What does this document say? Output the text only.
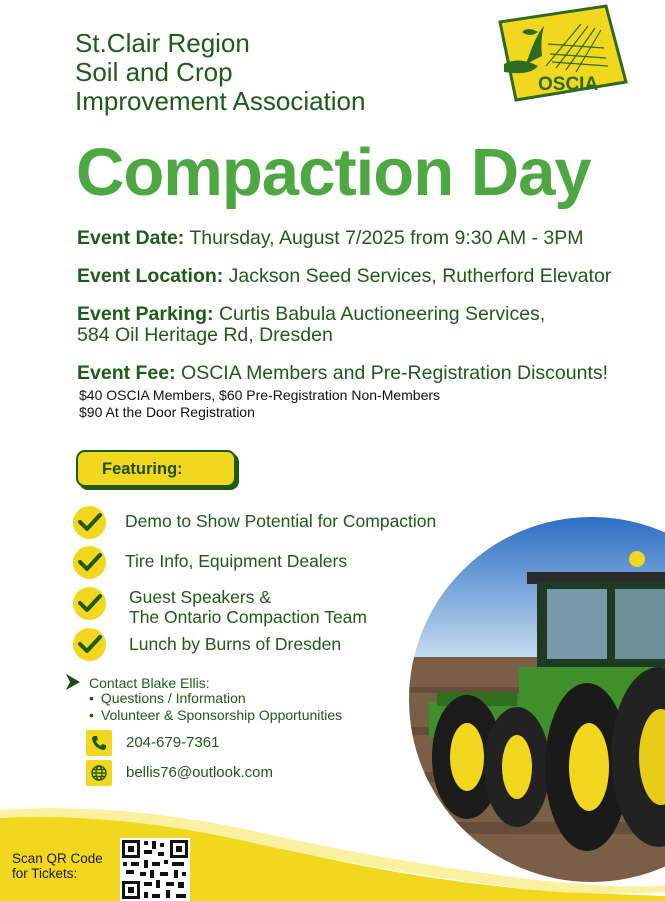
St.Clair Region
Soil and Crop
Improvement Association
OSCIA
Compaction Day
Event Date: Thursday, August 7/2025 from 9:30 AM - 3PM
Event Location: Jackson Seed Services, Rutherford Elevator
Event Parking: Curtis Babula Auctioneering Services,
584 Oil Heritage Rd, Dresden
Event Fee: OSCIA Members and Pre-Registration Discounts!
$40 OSCIA Members, $60 Pre-Registration Non-Members
$90 At the Door Registration
Featuring:
Demo to Show Potential for Compaction
Tire Info, Equipment Dealers
Guest Speakers &
The Ontario Compaction Team
Lunch by Burns of Dresden
Contact Blake Ellis:
• Questions / Information
• Volunteer & Sponsorship Opportunities
204-679-7361
bellis76@outlook.com
Scan QR Code
for Tickets:
